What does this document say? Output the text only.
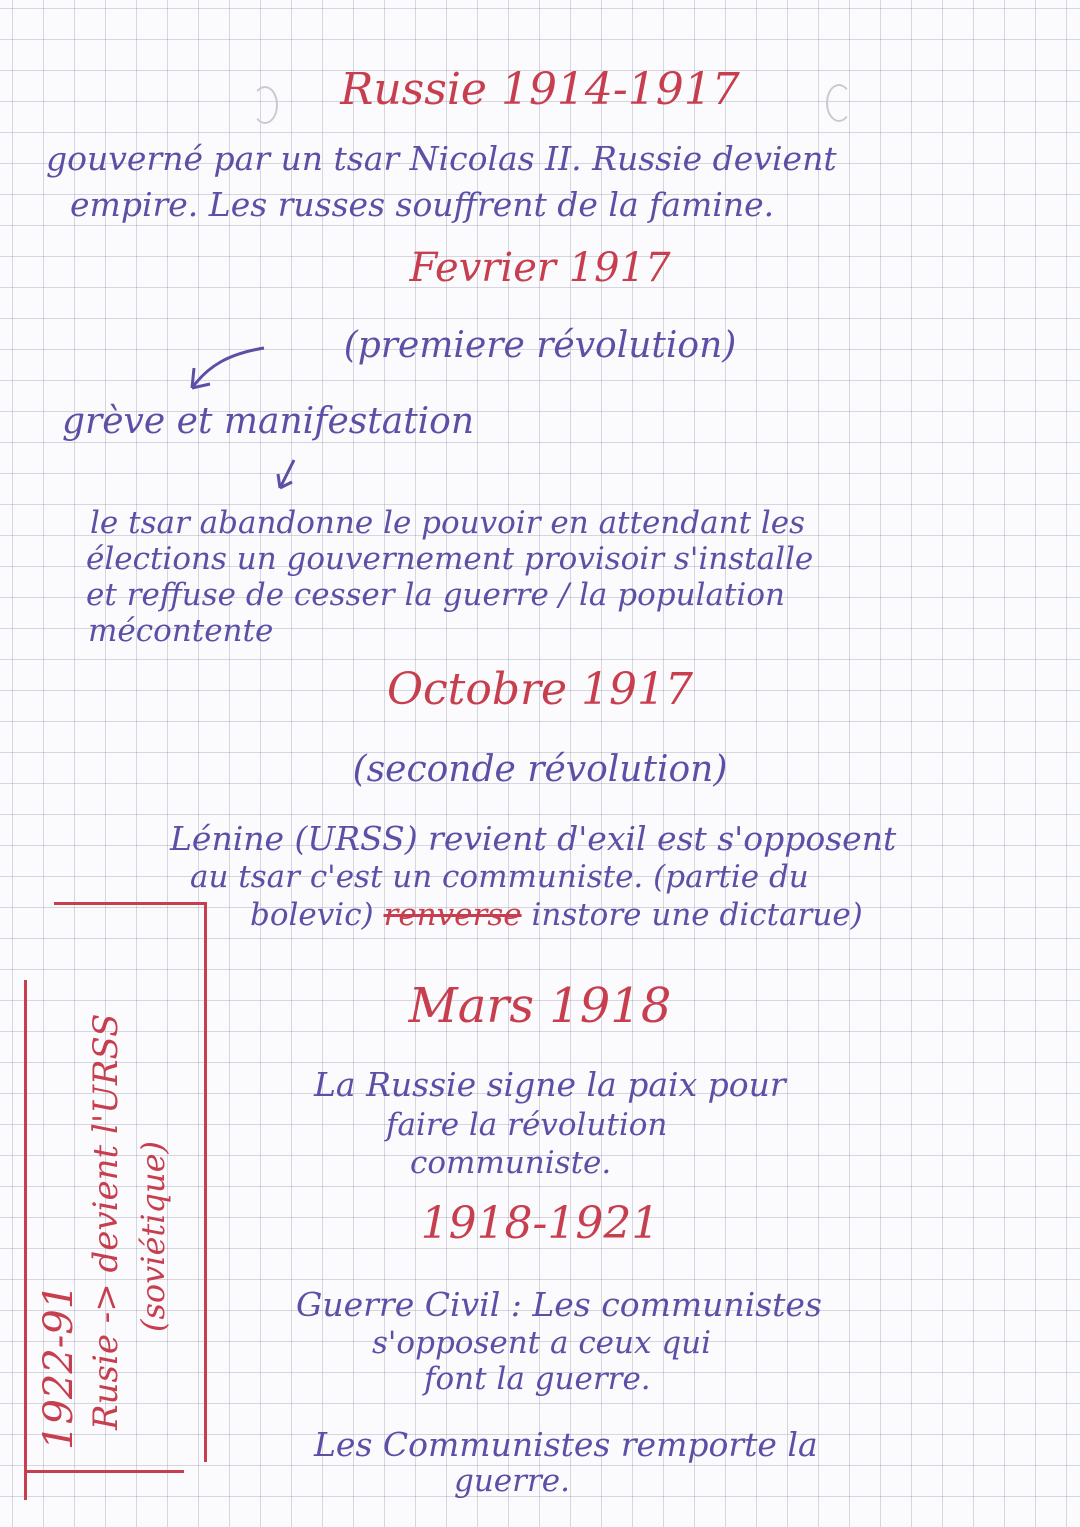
Russie 1914-1917
gouverné par un tsar Nicolas II. Russie devient
empire. Les russes souffrent de la famine.
Fevrier 1917
(premiere révolution)
grève et manifestation
le tsar abandonne le pouvoir en attendant les
élections un gouvernement provisoir s'installe
et reffuse de cesser la guerre / la population
mécontente
Octobre 1917
(seconde révolution)
Lénine (URSS) revient d'exil est s'opposent
au tsar c'est un communiste. (partie du
bolevic) renverse instore une dictarue)
Mars 1918
La Russie signe la paix pour
faire la révolution
communiste.
1918-1921
Guerre Civil : Les communistes
s'opposent a ceux qui
font la guerre.
Les Communistes remporte la
guerre.
1922-91 Rusie -> devient l'URSS (soviétique)
